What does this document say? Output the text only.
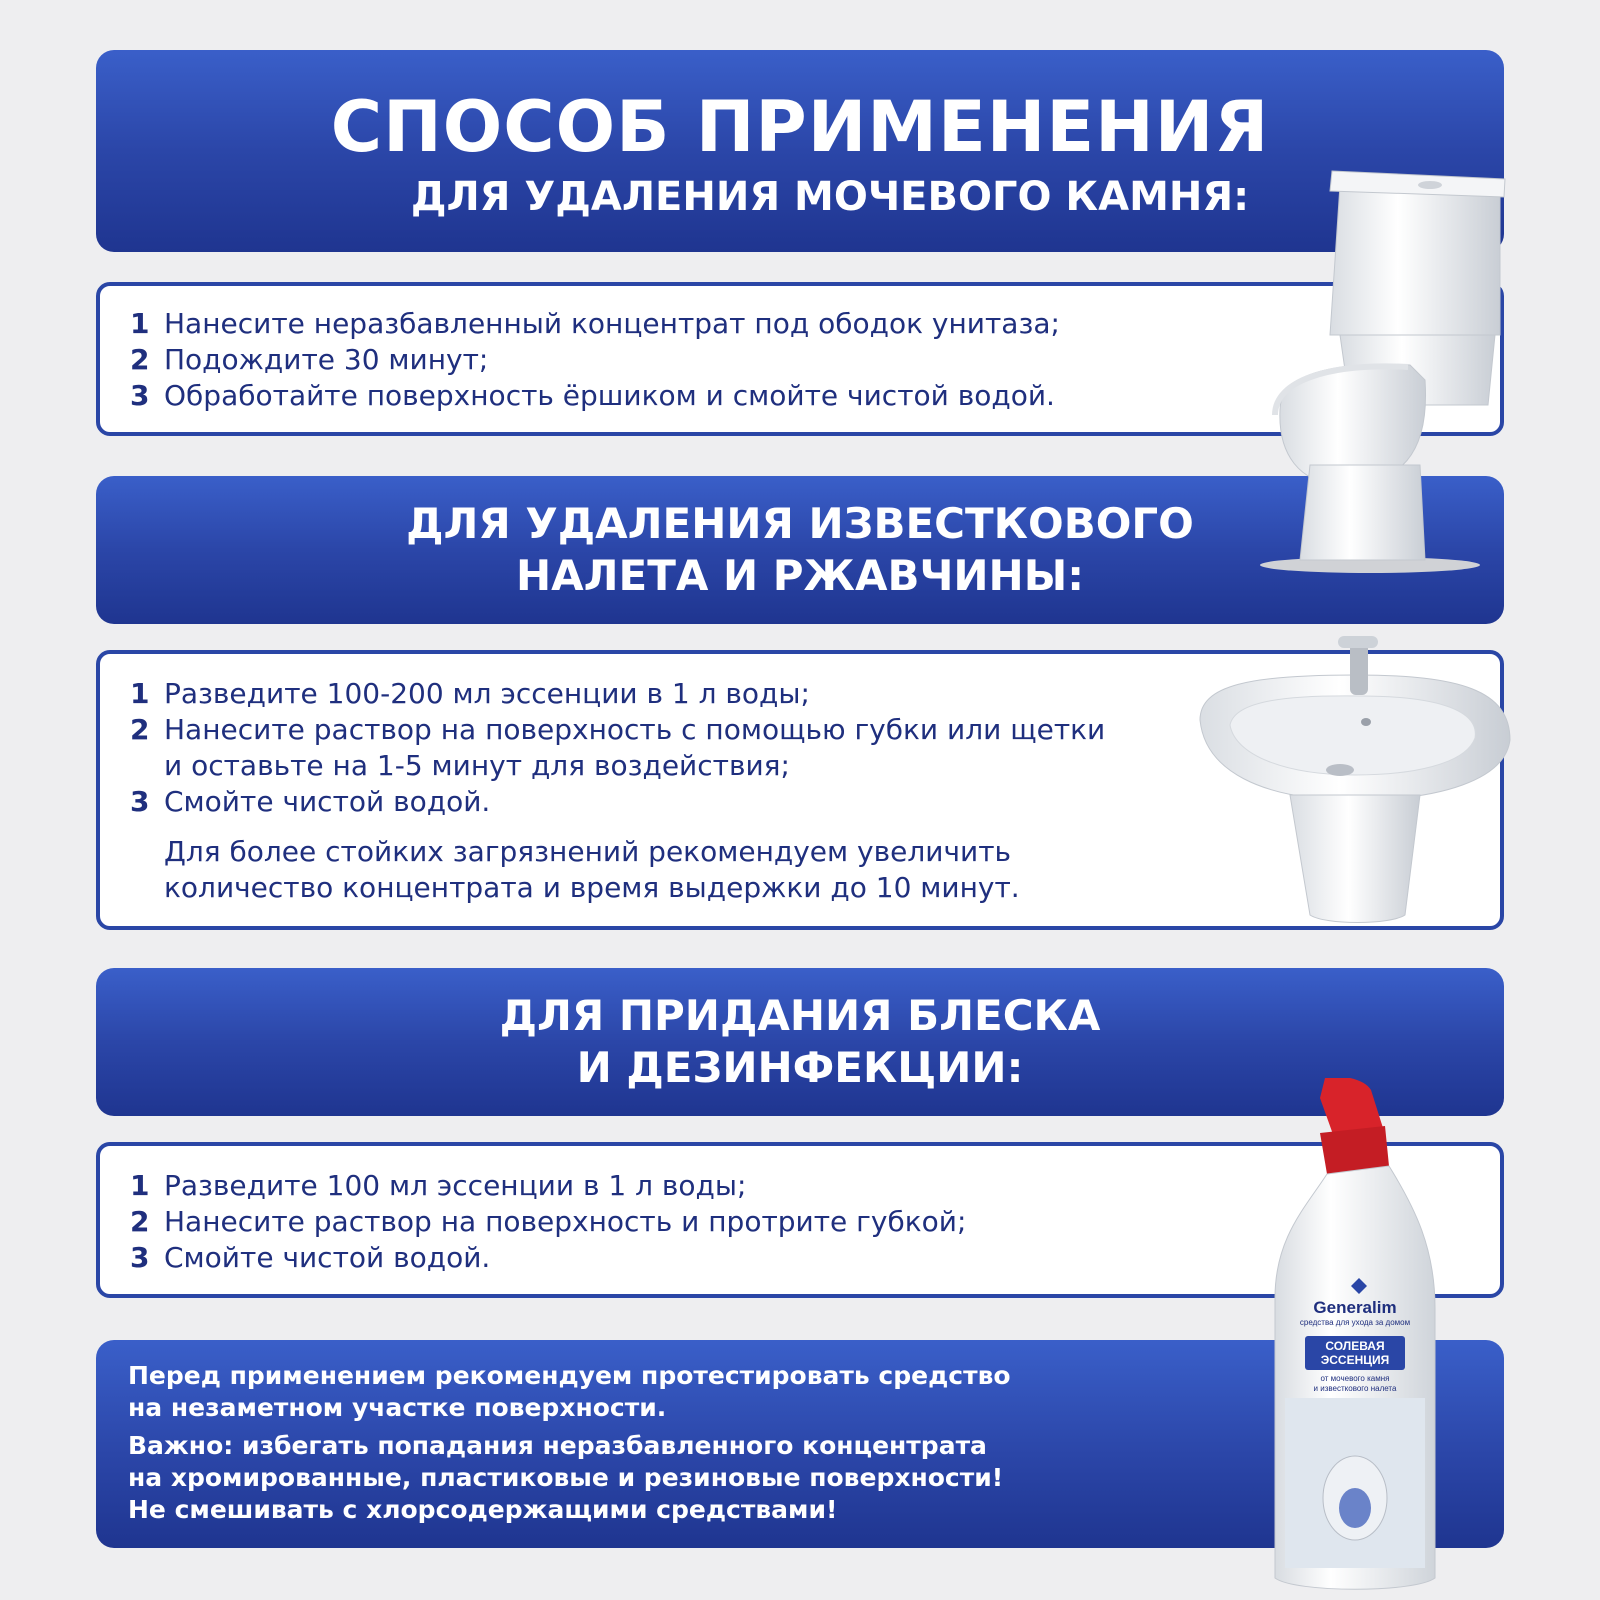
СПОСОБ ПРИМЕНЕНИЯ
ДЛЯ УДАЛЕНИЯ МОЧЕВОГО КАМНЯ:
1 Нанесите неразбавленный концентрат под ободок унитаза;
2 Подождите 30 минут;
3 Обработайте поверхность ёршиком и смойте чистой водой.
ДЛЯ УДАЛЕНИЯ ИЗВЕСТКОВОГО
НАЛЕТА И РЖАВЧИНЫ:
1 Разведите 100-200 мл эссенции в 1 л воды;
2 Нанесите раствор на поверхность с помощью губки или щетки
и оставьте на 1-5 минут для воздействия;
3 Смойте чистой водой.
Для более стойких загрязнений рекомендуем увеличить
количество концентрата и время выдержки до 10 минут.
ДЛЯ ПРИДАНИЯ БЛЕСКА
И ДЕЗИНФЕКЦИИ:
1 Разведите 100 мл эссенции в 1 л воды;
2 Нанесите раствор на поверхность и протрите губкой;
3 Смойте чистой водой.
Перед применением рекомендуем протестировать средство
на незаметном участке поверхности.
Важно: избегать попадания неразбавленного концентрата
на хромированные, пластиковые и резиновые поверхности!
Не смешивать с хлорсодержащими средствами!
Generalim
средства для ухода за домом
СОЛЕВАЯ
ЭССЕНЦИЯ
от мочевого камня
и известкового налета
